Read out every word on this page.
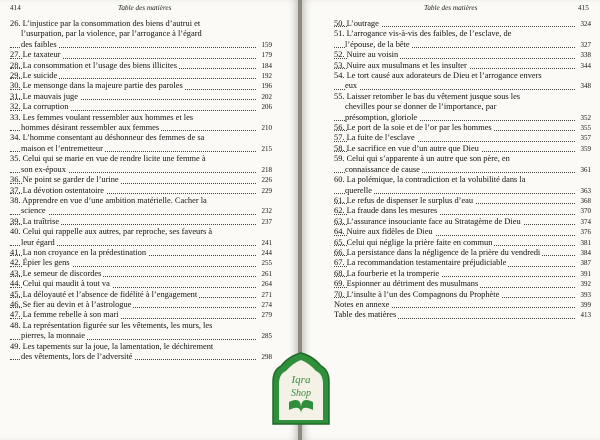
414	Table des matières
26. L’injustice par la consommation des biens d’autrui et
l’usurpation, par la violence, par l’arrogance à l’égard
des faibles	159
27. Le taxateur	179
28. La consommation et l’usage des biens illicites	184
29. Le suicide	192
30. Le mensonge dans la majeure partie des paroles	196
31. Le mauvais juge	202
32. La corruption	206
33. Les femmes voulant ressembler aux hommes et les
hommes désirant ressembler aux femmes	210
34. L’homme consentant au déshonneur des femmes de sa
maison et l’entremetteur	215
35. Celui qui se marie en vue de rendre licite une femme à
son ex-époux	218
36. Ne point se garder de l’urine	226
37. La dévotion ostentatoire	229
38. Apprendre en vue d’une ambition matérielle. Cacher la
science	232
39. La traîtrise	237
40. Celui qui rappelle aux autres, par reproche, ses faveurs à
leur égard	241
41. La non croyance en la prédestination	244
42. Épier les gens	255
43. Le semeur de discordes	261
44. Celui qui maudit à tout va	264
45. La déloyauté et l’absence de fidélité à l’engagement	271
46. Se fier au devin et à l’astrologue	274
47. La femme rebelle à son mari	279
48. La représentation figurée sur les vêtements, les murs, les
pierres, la monnaie	285
49. Les tapements sur la joue, la lamentation, le déchirement
des vêtements, lors de l’adversité	298
Table des matières	415
50. L’outrage	324
51. L’arrogance vis-à-vis des faibles, de l’esclave, de
l’épouse, de la bête	327
52. Nuire au voisin	338
53. Nuire aux musulmans et les insulter	344
54. Le tort causé aux adorateurs de Dieu et l’arrogance envers
eux	348
55. Laisser retomber le bas du vêtement jusque sous les
chevilles pour se donner de l’importance, par
présomption, gloriole	352
56. Le port de la soie et de l’or par les hommes	355
57. La fuite de l’esclave	357
58. Le sacrifice en vue d’un autre que Dieu	359
59. Celui qui s’apparente à un autre que son père, en
connaissance de cause	361
60. La polémique, la contradiction et la volubilité dans la
querelle	363
61. Le refus de dispenser le surplus d’eau	368
62. La fraude dans les mesures	370
63. L’assurance insouciante face au Stratagème de Dieu	374
64. Nuire aux fidèles de Dieu	376
65. Celui qui néglige la prière faite en commun	381
66. La persistance dans la négligence de la prière du vendredi	384
67. La recommandation testamentaire préjudiciable	387
68. La fourberie et la tromperie	391
69. Espionner au détriment des musulmans	392
70. L’insulte à l’un des Compagnons du Prophète	393
Notes en annexe	399
Table des matières	413
Iqra
Shop
